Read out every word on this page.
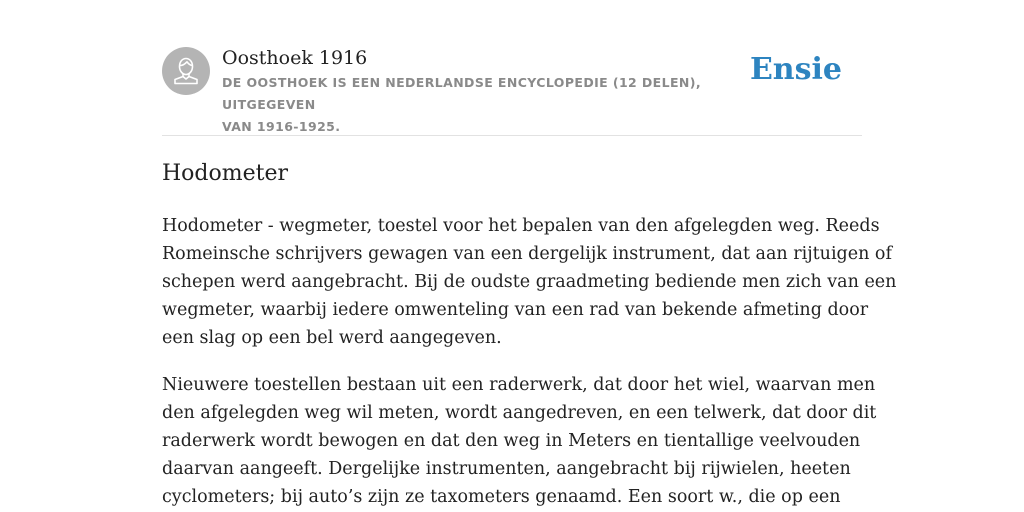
Oosthoek 1916
DE OOSTHOEK IS EEN NEDERLANDSE ENCYCLOPEDIE (12 DELEN), UITGEGEVEN
VAN 1916-1925.
Ensie
Hodometer

Hodometer - wegmeter, toestel voor het bepalen van den afgelegden weg. Reeds
Romeinsche schrijvers gewagen van een dergelijk instrument, dat aan rijtuigen of
schepen werd aangebracht. Bij de oudste graadmeting bediende men zich van een
wegmeter, waarbij iedere omwenteling van een rad van bekende afmeting door
een slag op een bel werd aangegeven.

Nieuwere toestellen bestaan uit een raderwerk, dat door het wiel, waarvan men
den afgelegden weg wil meten, wordt aangedreven, en een telwerk, dat door dit
raderwerk wordt bewogen en dat den weg in Meters en tientallige veelvouden
daarvan aangeeft. Dergelijke instrumenten, aangebracht bij rijwielen, heeten
cyclometers; bij auto’s zijn ze taxometers genaamd. Een soort w., die op een
